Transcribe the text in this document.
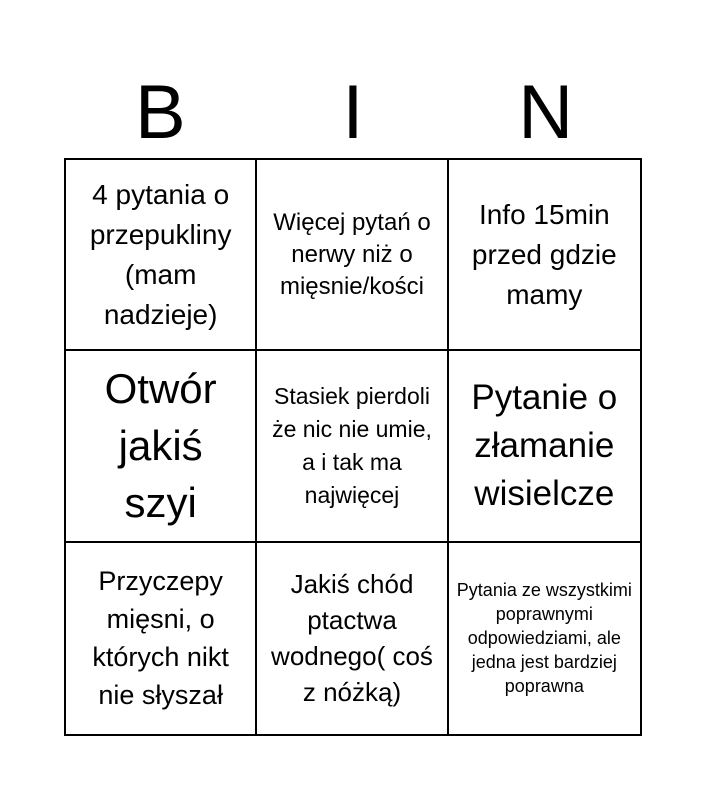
B	I	N
4 pytania o przepukliny (mam nadzieje)
Więcej pytań o nerwy niż o mięsnie/kości
Info 15min przed gdzie mamy
Otwór jakiś szyi
Stasiek pierdoli że nic nie umie, a i tak ma najwięcej
Pytanie o złamanie wisielcze
Przyczepy mięsni, o których nikt nie słyszał
Jakiś chód ptactwa wodnego( coś z nóżką)
Pytania ze wszystkimi poprawnymi odpowiedziami, ale jedna jest bardziej poprawna
